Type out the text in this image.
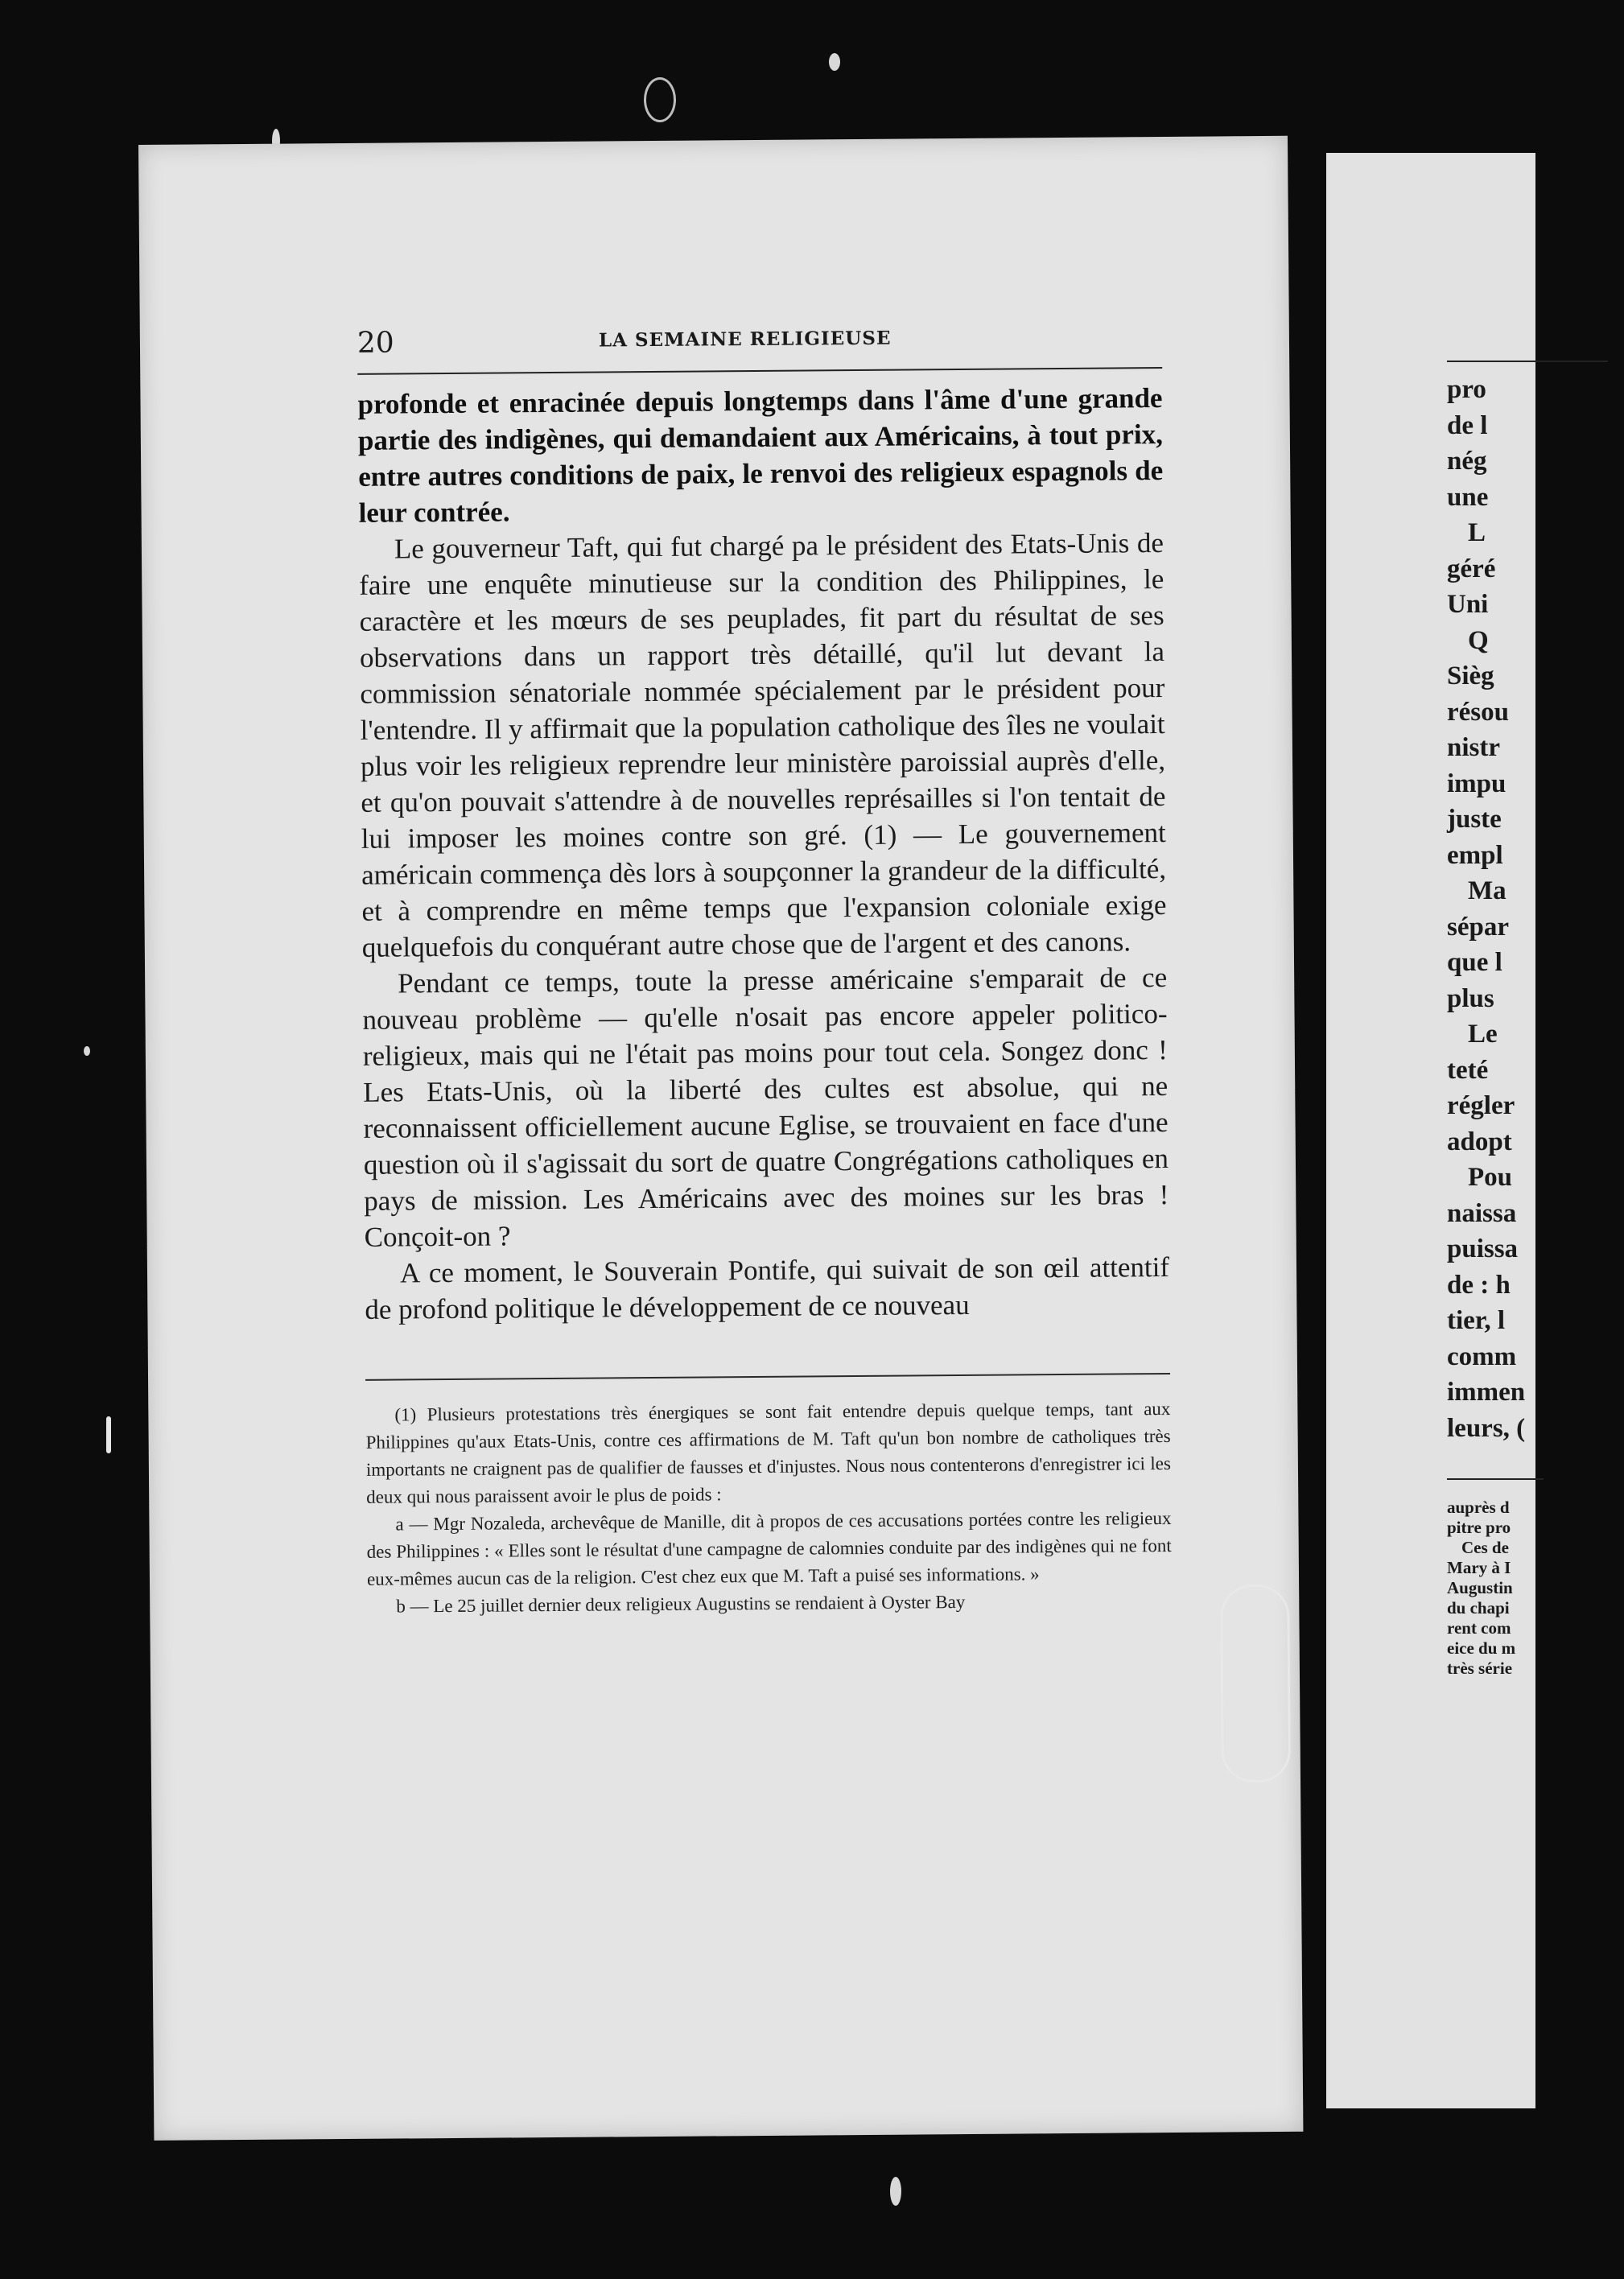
20	LA SEMAINE RELIGIEUSE

profonde et enracinée depuis longtemps dans l'âme d'une grande partie des indigènes, qui demandaient aux Américains, à tout prix, entre autres conditions de paix, le renvoi des religieux espagnols de leur contrée.

Le gouverneur Taft, qui fut chargé pa le président des Etats-Unis de faire une enquête minutieuse sur la condition des Philippines, le caractère et les mœurs de ses peuplades, fit part du résultat de ses observations dans un rapport très détaillé, qu'il lut devant la commission sénatoriale nommée spécialement par le président pour l'entendre. Il y affirmait que la population catholique des îles ne voulait plus voir les religieux reprendre leur ministère paroissial auprès d'elle, et qu'on pouvait s'attendre à de nouvelles représailles si l'on tentait de lui imposer les moines contre son gré. (1) — Le gouvernement américain commença dès lors à soupçonner la grandeur de la difficulté, et à comprendre en même temps que l'expansion coloniale exige quelquefois du conquérant autre chose que de l'argent et des canons.

Pendant ce temps, toute la presse américaine s'emparait de ce nouveau problème — qu'elle n'osait pas encore appeler politico-religieux, mais qui ne l'était pas moins pour tout cela. Songez donc ! Les Etats-Unis, où la liberté des cultes est absolue, qui ne reconnaissent officiellement aucune Eglise, se trouvaient en face d'une question où il s'agissait du sort de quatre Congrégations catholiques en pays de mission. Les Américains avec des moines sur les bras ! Conçoit-on ?

A ce moment, le Souverain Pontife, qui suivait de son œil attentif de profond politique le développement de ce nouveau

(1) Plusieurs protestations très énergiques se sont fait entendre depuis quelque temps, tant aux Philippines qu'aux Etats-Unis, contre ces affirmations de M. Taft qu'un bon nombre de catholiques très importants ne craignent pas de qualifier de fausses et d'injustes. Nous nous contenterons d'enregistrer ici les deux qui nous paraissent avoir le plus de poids :

a — Mgr Nozaleda, archevêque de Manille, dit à propos de ces accusations portées contre les religieux des Philippines : « Elles sont le résultat d'une campagne de calomnies conduite par des indigènes qui ne font eux-mêmes aucun cas de la religion. C'est chez eux que M. Taft a puisé ses informations. »

b — Le 25 juillet dernier deux religieux Augustins se rendaient à Oyster Bay

pro
de l
nég
une
L
géré
Uni
Q
Sièg
résou
nistr
impu
juste
empl
Ma
sépar
que l
plus
Le
teté
régler
adopt
Pou
naissa
puissa
de : h
tier, l
comm
immen
leurs, (
auprès d
pitre pro
Ces de
Mary à I
Augustin
du chapi
rent com
eice du m
très série
